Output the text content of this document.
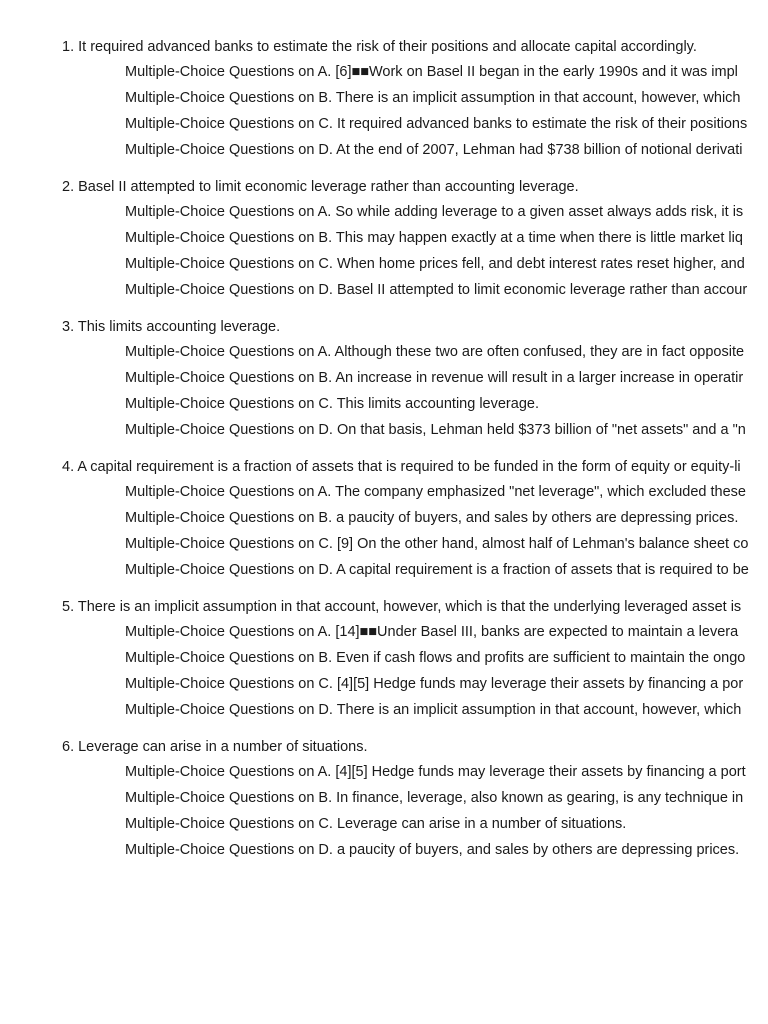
1. It required advanced banks to estimate the risk of their positions and allocate capital accordingly.
Multiple-Choice Questions on A. [6]■■Work on Basel II began in the early 1990s and it was impl
Multiple-Choice Questions on B. There is an implicit assumption in that account, however, which
Multiple-Choice Questions on C. It required advanced banks to estimate the risk of their positions
Multiple-Choice Questions on D. At the end of 2007, Lehman had $738 billion of notional derivati
2. Basel II attempted to limit economic leverage rather than accounting leverage.
Multiple-Choice Questions on A. So while adding leverage to a given asset always adds risk, it is
Multiple-Choice Questions on B. This may happen exactly at a time when there is little market liq
Multiple-Choice Questions on C. When home prices fell, and debt interest rates reset higher, and
Multiple-Choice Questions on D. Basel II attempted to limit economic leverage rather than accour
3. This limits accounting leverage.
Multiple-Choice Questions on A. Although these two are often confused, they are in fact opposite
Multiple-Choice Questions on B. An increase in revenue will result in a larger increase in operatir
Multiple-Choice Questions on C. This limits accounting leverage.
Multiple-Choice Questions on D. On that basis, Lehman held $373 billion of "net assets" and a "n
4. A capital requirement is a fraction of assets that is required to be funded in the form of equity or equity-li
Multiple-Choice Questions on A. The company emphasized "net leverage", which excluded these
Multiple-Choice Questions on B. a paucity of buyers, and sales by others are depressing prices.
Multiple-Choice Questions on C. [9] On the other hand, almost half of Lehman's balance sheet co
Multiple-Choice Questions on D. A capital requirement is a fraction of assets that is required to be
5. There is an implicit assumption in that account, however, which is that the underlying leveraged asset is
Multiple-Choice Questions on A. [14]■■Under Basel III, banks are expected to maintain a levera
Multiple-Choice Questions on B. Even if cash flows and profits are sufficient to maintain the ongo
Multiple-Choice Questions on C. [4][5] Hedge funds may leverage their assets by financing a por
Multiple-Choice Questions on D. There is an implicit assumption in that account, however, which
6. Leverage can arise in a number of situations.
Multiple-Choice Questions on A. [4][5] Hedge funds may leverage their assets by financing a port
Multiple-Choice Questions on B. In finance, leverage, also known as gearing, is any technique in
Multiple-Choice Questions on C. Leverage can arise in a number of situations.
Multiple-Choice Questions on D. a paucity of buyers, and sales by others are depressing prices.
